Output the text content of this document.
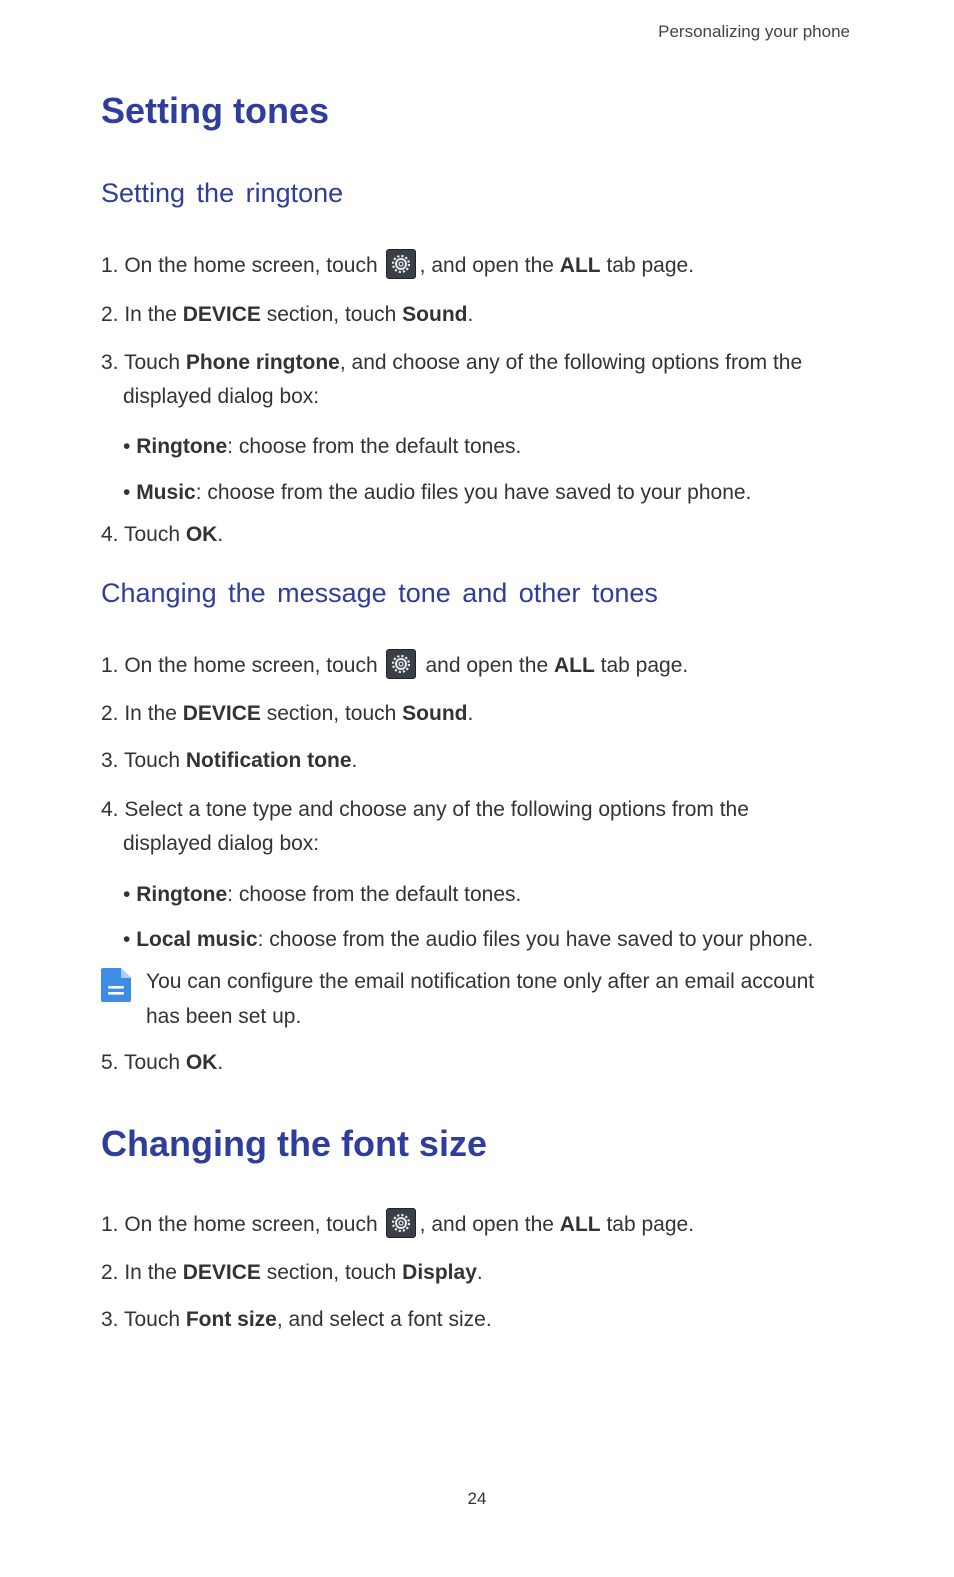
Personalizing your phone
Setting tones
Setting the ringtone
1. On the home screen, touch , and open the ALL tab page.
2. In the DEVICE section, touch Sound.
3. Touch Phone ringtone, and choose any of the following options from the
displayed dialog box:
• Ringtone: choose from the default tones.
• Music: choose from the audio files you have saved to your phone.
4. Touch OK.
Changing the message tone and other tones
1. On the home screen, touch
and open the ALL tab page.
2. In the DEVICE section, touch Sound.
3. Touch Notification tone.
4. Select a tone type and choose any of the following options from the
displayed dialog box:
• Ringtone: choose from the default tones.
• Local music: choose from the audio files you have saved to your phone.
You can configure the email notification tone only after an email account
has been set up.
5. Touch OK.
Changing the font size
1. On the home screen, touch , and open the ALL tab page.
2. In the DEVICE section, touch Display.
3. Touch Font size, and select a font size.
24
